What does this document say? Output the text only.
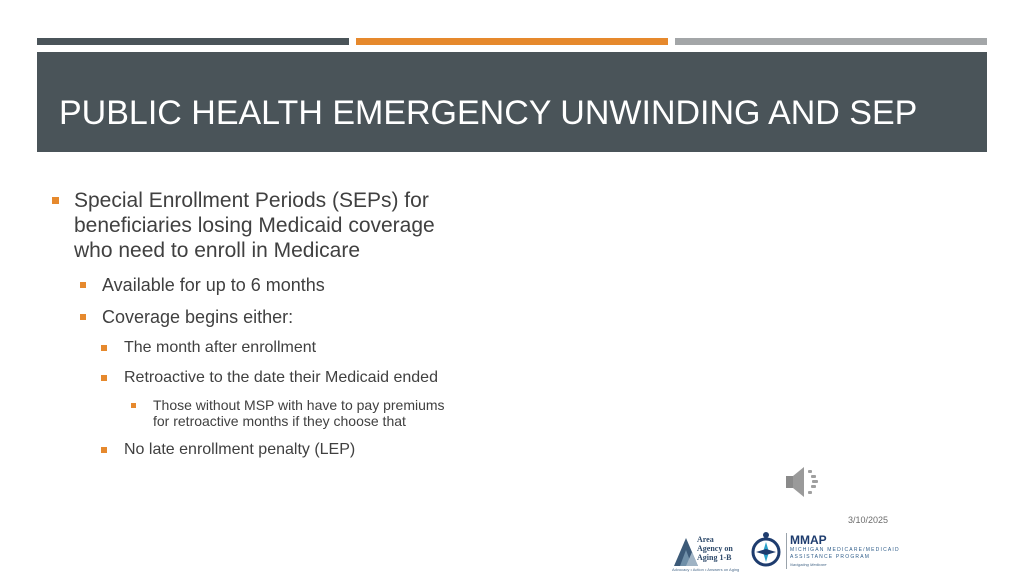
PUBLIC HEALTH EMERGENCY UNWINDING AND SEP
Special Enrollment Periods (SEPs) for
beneficiaries losing Medicaid coverage
who need to enroll in Medicare
Available for up to 6 months
Coverage begins either:
The month after enrollment
Retroactive to the date their Medicaid ended
Those without MSP with have to pay premiums
for retroactive months if they choose that
No late enrollment penalty (LEP)
3/10/2025
Area
Agency on
Aging 1-B
Advocacy • Action • Answers on Aging
MMAP
MICHIGAN MEDICARE/MEDICAID
ASSISTANCE PROGRAM
Navigating Medicare
